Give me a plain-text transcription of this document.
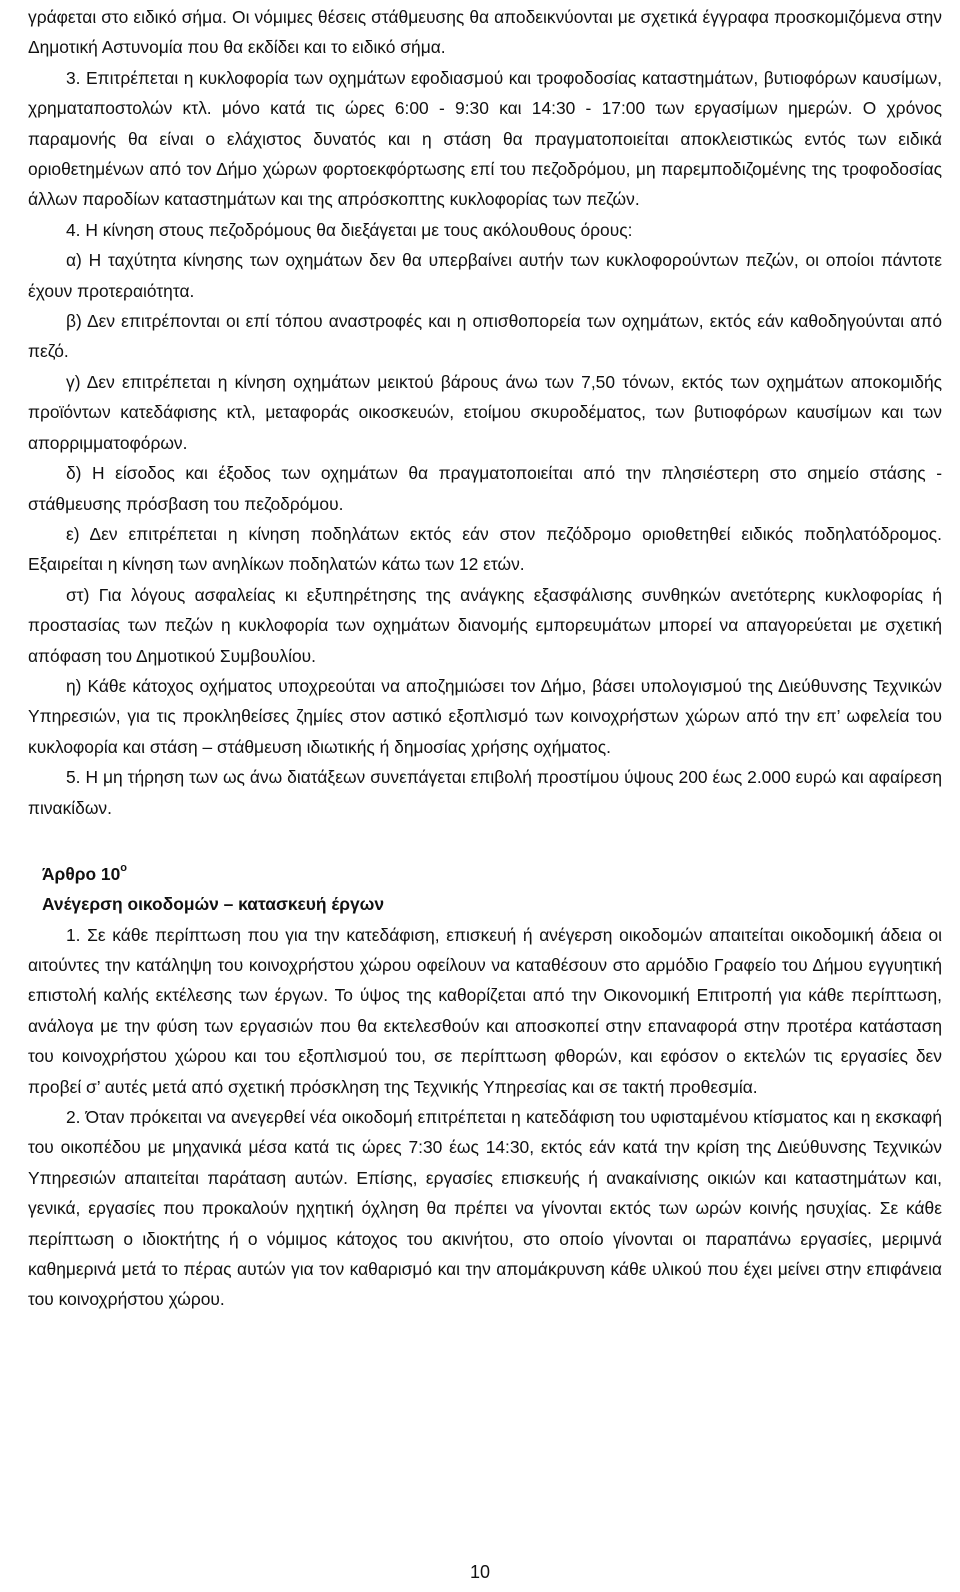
γράφεται στο ειδικό σήμα. Οι νόμιμες θέσεις στάθμευσης θα αποδεικνύονται με σχετικά έγγραφα προσκομιζόμενα στην Δημοτική Αστυνομία που θα εκδίδει και το ειδικό σήμα.

3. Επιτρέπεται η κυκλοφορία των οχημάτων εφοδιασμού και τροφοδοσίας καταστημάτων, βυτιοφόρων καυσίμων, χρηματαποστολών κτλ. μόνο κατά τις ώρες 6:00 - 9:30 και 14:30 - 17:00 των εργασίμων ημερών. Ο χρόνος παραμονής θα είναι ο ελάχιστος δυνατός και η στάση θα πραγματοποιείται αποκλειστικώς εντός των ειδικά οριοθετημένων από τον Δήμο χώρων φορτοεκφόρτωσης επί του πεζοδρόμου, μη παρεμποδιζομένης της τροφοδοσίας άλλων παροδίων καταστημάτων και της απρόσκοπτης κυκλοφορίας των πεζών.

4. Η κίνηση στους πεζοδρόμους θα διεξάγεται με τους ακόλουθους όρους:

α) Η ταχύτητα κίνησης των οχημάτων δεν θα υπερβαίνει αυτήν των κυκλοφορούντων πεζών, οι οποίοι πάντοτε έχουν προτεραιότητα.

β) Δεν επιτρέπονται οι επί τόπου αναστροφές και η οπισθοπορεία των οχημάτων, εκτός εάν καθοδηγούνται από πεζό.

γ) Δεν επιτρέπεται η κίνηση οχημάτων μεικτού βάρους άνω των 7,50 τόνων, εκτός των οχημάτων αποκομιδής προϊόντων κατεδάφισης κτλ, μεταφοράς οικοσκευών, ετοίμου σκυροδέματος, των βυτιοφόρων καυσίμων και των απορριμματοφόρων.

δ) Η είσοδος και έξοδος των οχημάτων θα πραγματοποιείται από την πλησιέστερη στο σημείο στάσης - στάθμευσης πρόσβαση του πεζοδρόμου.

ε) Δεν επιτρέπεται η κίνηση ποδηλάτων εκτός εάν στον πεζόδρομο οριοθετηθεί ειδικός ποδηλατόδρομος. Εξαιρείται η κίνηση των ανηλίκων ποδηλατών κάτω των 12 ετών.

στ) Για λόγους ασφαλείας κι εξυπηρέτησης της ανάγκης εξασφάλισης συνθηκών ανετότερης κυκλοφορίας ή προστασίας των πεζών η κυκλοφορία των οχημάτων διανομής εμπορευμάτων μπορεί να απαγορεύεται με σχετική απόφαση του Δημοτικού Συμβουλίου.

η) Κάθε κάτοχος οχήματος υποχρεούται να αποζημιώσει τον Δήμο, βάσει υπολογισμού της Διεύθυνσης Τεχνικών Υπηρεσιών, για τις προκληθείσες ζημίες στον αστικό εξοπλισμό των κοινοχρήστων χώρων από την επ’ ωφελεία του κυκλοφορία και στάση – στάθμευση ιδιωτικής ή δημοσίας χρήσης οχήματος.

5. Η μη τήρηση των ως άνω διατάξεων συνεπάγεται επιβολή προστίμου ύψους 200 έως 2.000 ευρώ και αφαίρεση πινακίδων.

Άρθρο $10^o$

Ανέγερση οικοδομών – κατασκευή έργων

1. Σε κάθε περίπτωση που για την κατεδάφιση, επισκευή ή ανέγερση οικοδομών απαιτείται οικοδομική άδεια οι αιτούντες την κατάληψη του κοινοχρήστου χώρου οφείλουν να καταθέσουν στο αρμόδιο Γραφείο του Δήμου εγγυητική επιστολή καλής εκτέλεσης των έργων. Το ύψος της καθορίζεται από την Οικονομική Επιτροπή για κάθε περίπτωση, ανάλογα με την φύση των εργασιών που θα εκτελεσθούν και αποσκοπεί στην επαναφορά στην προτέρα κατάσταση του κοινοχρήστου χώρου και του εξοπλισμού του, σε περίπτωση φθορών, και εφόσον ο εκτελών τις εργασίες δεν προβεί σ’ αυτές μετά από σχετική πρόσκληση της Τεχνικής Υπηρεσίας και σε τακτή προθεσμία.

2. Όταν πρόκειται να ανεγερθεί νέα οικοδομή επιτρέπεται η κατεδάφιση του υφισταμένου κτίσματος και η εκσκαφή του οικοπέδου με μηχανικά μέσα κατά τις ώρες 7:30 έως 14:30, εκτός εάν κατά την κρίση της Διεύθυνσης Τεχνικών Υπηρεσιών απαιτείται παράταση αυτών. Επίσης, εργασίες επισκευής ή ανακαίνισης οικιών και καταστημάτων και, γενικά, εργασίες που προκαλούν ηχητική όχληση θα πρέπει να γίνονται εκτός των ωρών κοινής ησυχίας. Σε κάθε περίπτωση ο ιδιοκτήτης ή ο νόμιμος κάτοχος του ακινήτου, στο οποίο γίνονται οι παραπάνω εργασίες, μεριμνά καθημερινά μετά το πέρας αυτών για τον καθαρισμό και την απομάκρυνση κάθε υλικού που έχει μείνει στην επιφάνεια του κοινοχρήστου χώρου.

10
